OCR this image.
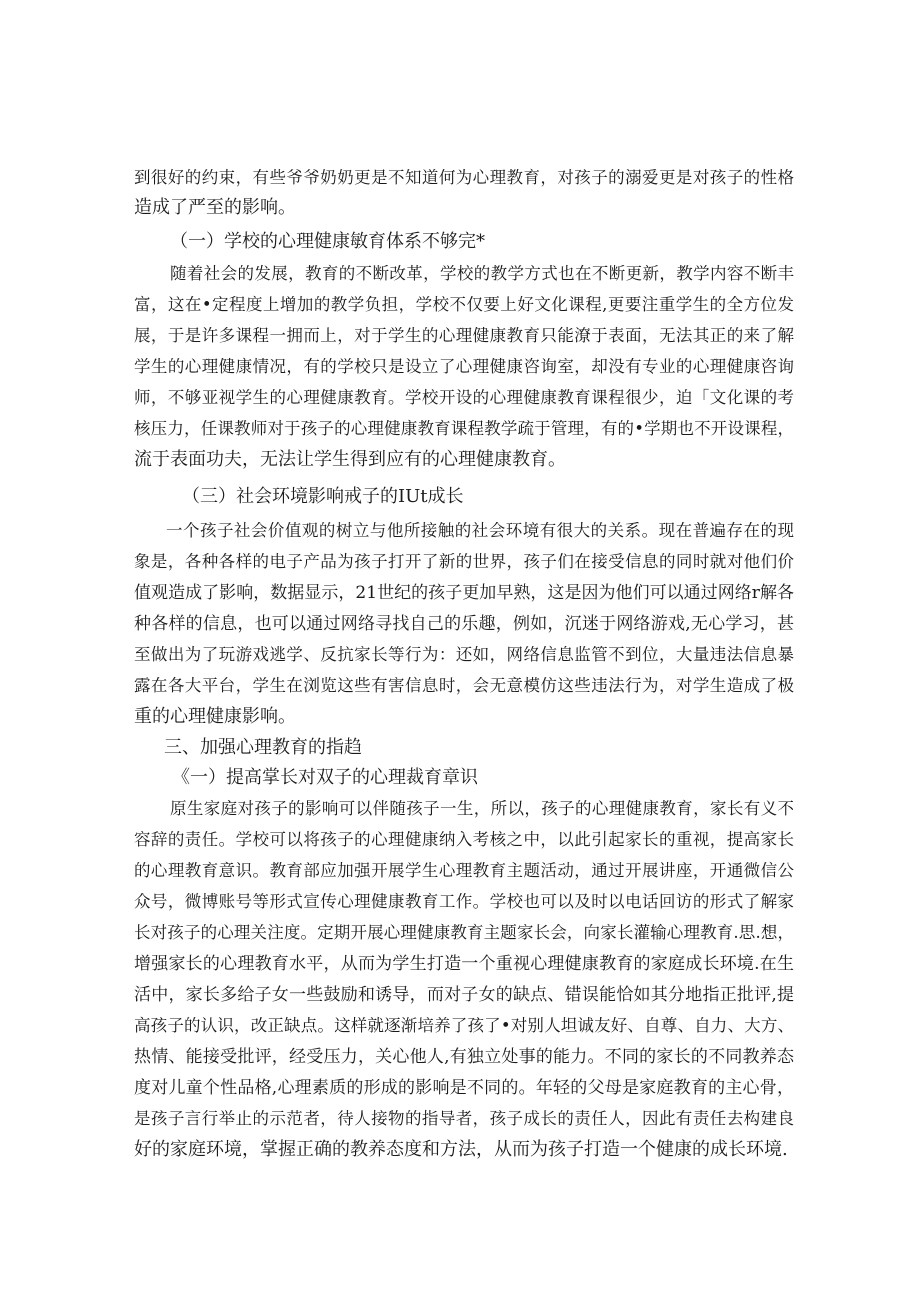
到很好的约束，有些爷爷奶奶更是不知道何为心理教育，对孩子的溺爱更是对孩子的性格
造成了严至的影响。
（一）学校的心理健康敏育体系不够完*
随着社会的发展，教育的不断改革，学校的教学方式也在不断更新，教学内容不断丰
富，这在•定程度上增加的教学负担，学校不仅要上好文化课程,更要注重学生的全方位发
展，于是许多课程一拥而上，对于学生的心理健康教育只能潦于表面，无法其正的来了解
学生的心理健康情况，有的学校只是设立了心理健康咨询室，却没有专业的心理健康咨询
师，不够亚视学生的心理健康教育。学校开设的心理健康教育课程很少，迫「文化课的考
核压力，任课教师对于孩子的心理健康教育课程教学疏于管理，有的•学期也不开设课程，
流于表面功夫，无法让学生得到应有的心理健康教育。
（三）社会环境影响戒子的IUt成长
一个孩子社会价值观的树立与他所接触的社会环境有很大的关系。现在普遍存在的现
象是，各种各样的电子产品为孩子打开了新的世界，孩子们在接受信息的同时就对他们价
值观造成了影响，数据显示，21世纪的孩子更加早熟，这是因为他们可以通过网络r解各
种各样的信息，也可以通过网络寻找自己的乐趣，例如，沉迷于网络游戏,无心学习，甚
至做出为了玩游戏逃学、反抗家长等行为：还如，网络信息监管不到位，大量违法信息暴
露在各大平台，学生在浏览这些有害信息时，会无意模仿这些违法行为，对学生造成了极
重的心理健康影响。
三、加强心理教育的指趋
《一）提高掌长对双子的心理裁育章识
原生家庭对孩子的影响可以伴随孩子一生，所以，孩子的心理健康教育，家长有义不
容辞的责任。学校可以将孩子的心理健康纳入考核之中，以此引起家长的重视，提高家长
的心理教育意识。教育部应加强开展学生心理教育主题活动，通过开展讲座，开通微信公
众号，微博账号等形式宣传心理健康教育工作。学校也可以及时以电话回访的形式了解家
长对孩子的心理关注度。定期开展心理健康教育主题家长会，向家长灌输心理教育.思.想，
增强家长的心理教育水平，从而为学生打造一个重视心理健康教育的家庭成长环境.在生
活中，家长多给子女一些鼓励和诱导，而对子女的缺点、错误能恰如其分地指正批评,提
高孩子的认识，改正缺点。这样就逐渐培养了孩了•对别人坦诚友好、自尊、自力、大方、
热情、能接受批评，经受压力，关心他人,有独立处事的能力。不同的家长的不同教养态
度对儿童个性品格,心理素质的形成的影响是不同的。年轻的父母是家庭教育的主心骨，
是孩子言行举止的示范者，待人接物的指导者，孩子成长的责任人，因此有责任去构建良
好的家庭环境，掌握正确的教养态度和方法，从而为孩子打造一个健康的成长环境.
